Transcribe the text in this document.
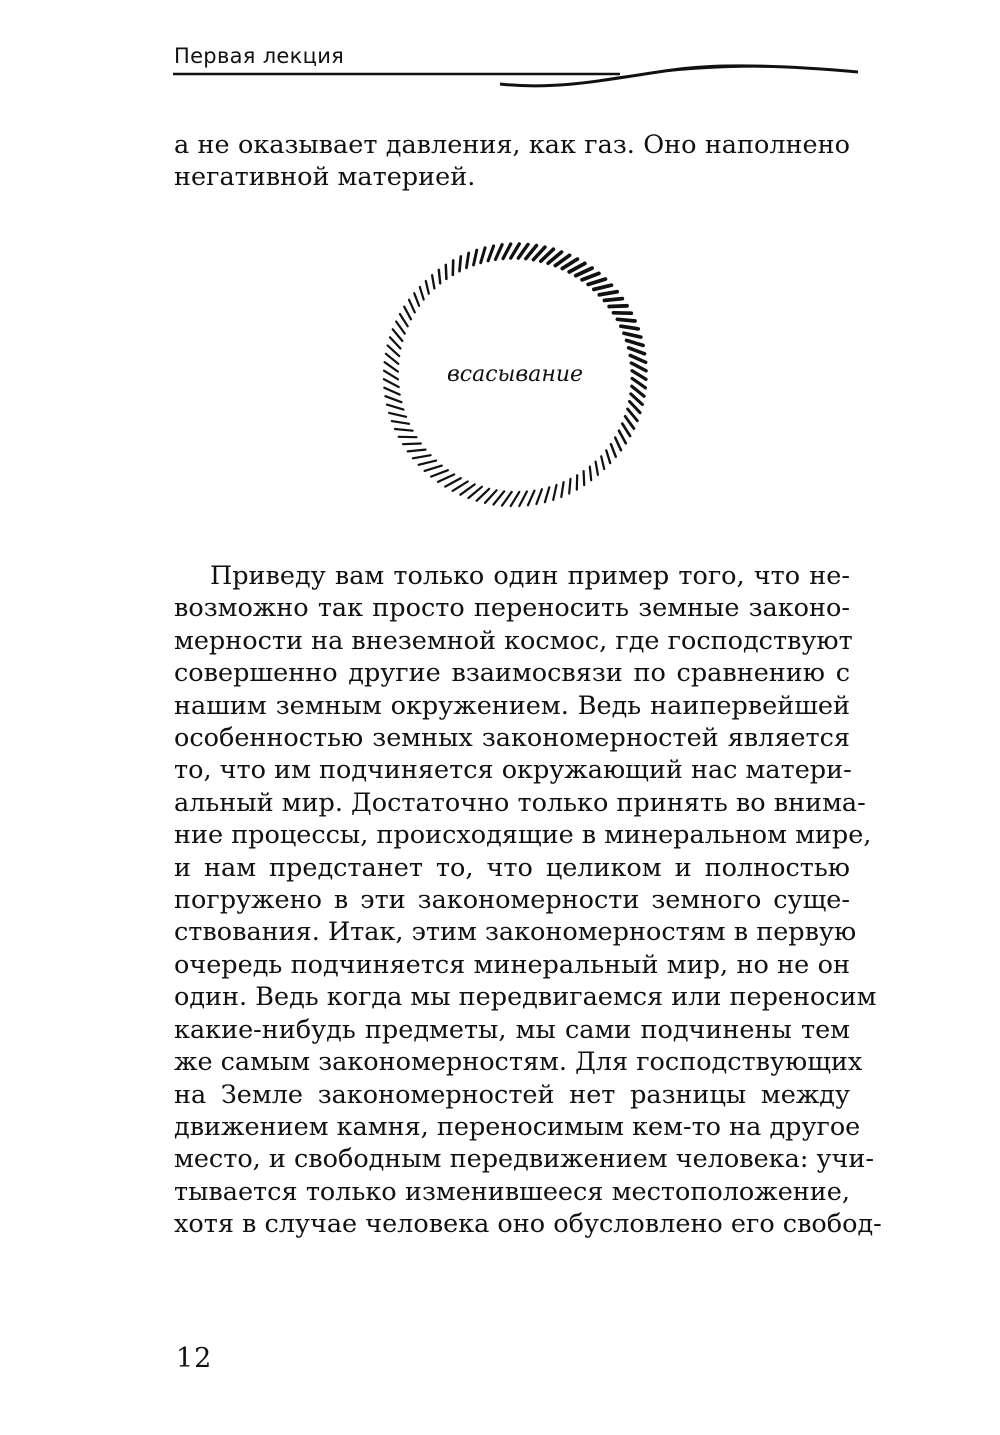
Первая лекция
а не оказывает давления, как газ. Оно наполнено
негативной материей.
всасывание
Приведу вам только один пример того, что не-
возможно так просто переносить земные законо-
мерности на внеземной космос, где господствуют
совершенно другие взаимосвязи по сравнению с
нашим земным окружением. Ведь наипервейшей
особенностью земных закономерностей является
то, что им подчиняется окружающий нас матери-
альный мир. Достаточно только принять во внима-
ние процессы, происходящие в минеральном мире,
и нам предстанет то, что целиком и полностью
погружено в эти закономерности земного суще-
ствования. Итак, этим закономерностям в первую
очередь подчиняется минеральный мир, но не он
один. Ведь когда мы передвигаемся или переносим
какие-нибудь предметы, мы сами подчинены тем
же самым закономерностям. Для господствующих
на Земле закономерностей нет разницы между
движением камня, переносимым кем-то на другое
место, и свободным передвижением человека: учи-
тывается только изменившееся местоположение,
хотя в случае человека оно обусловлено его свобод-
12
